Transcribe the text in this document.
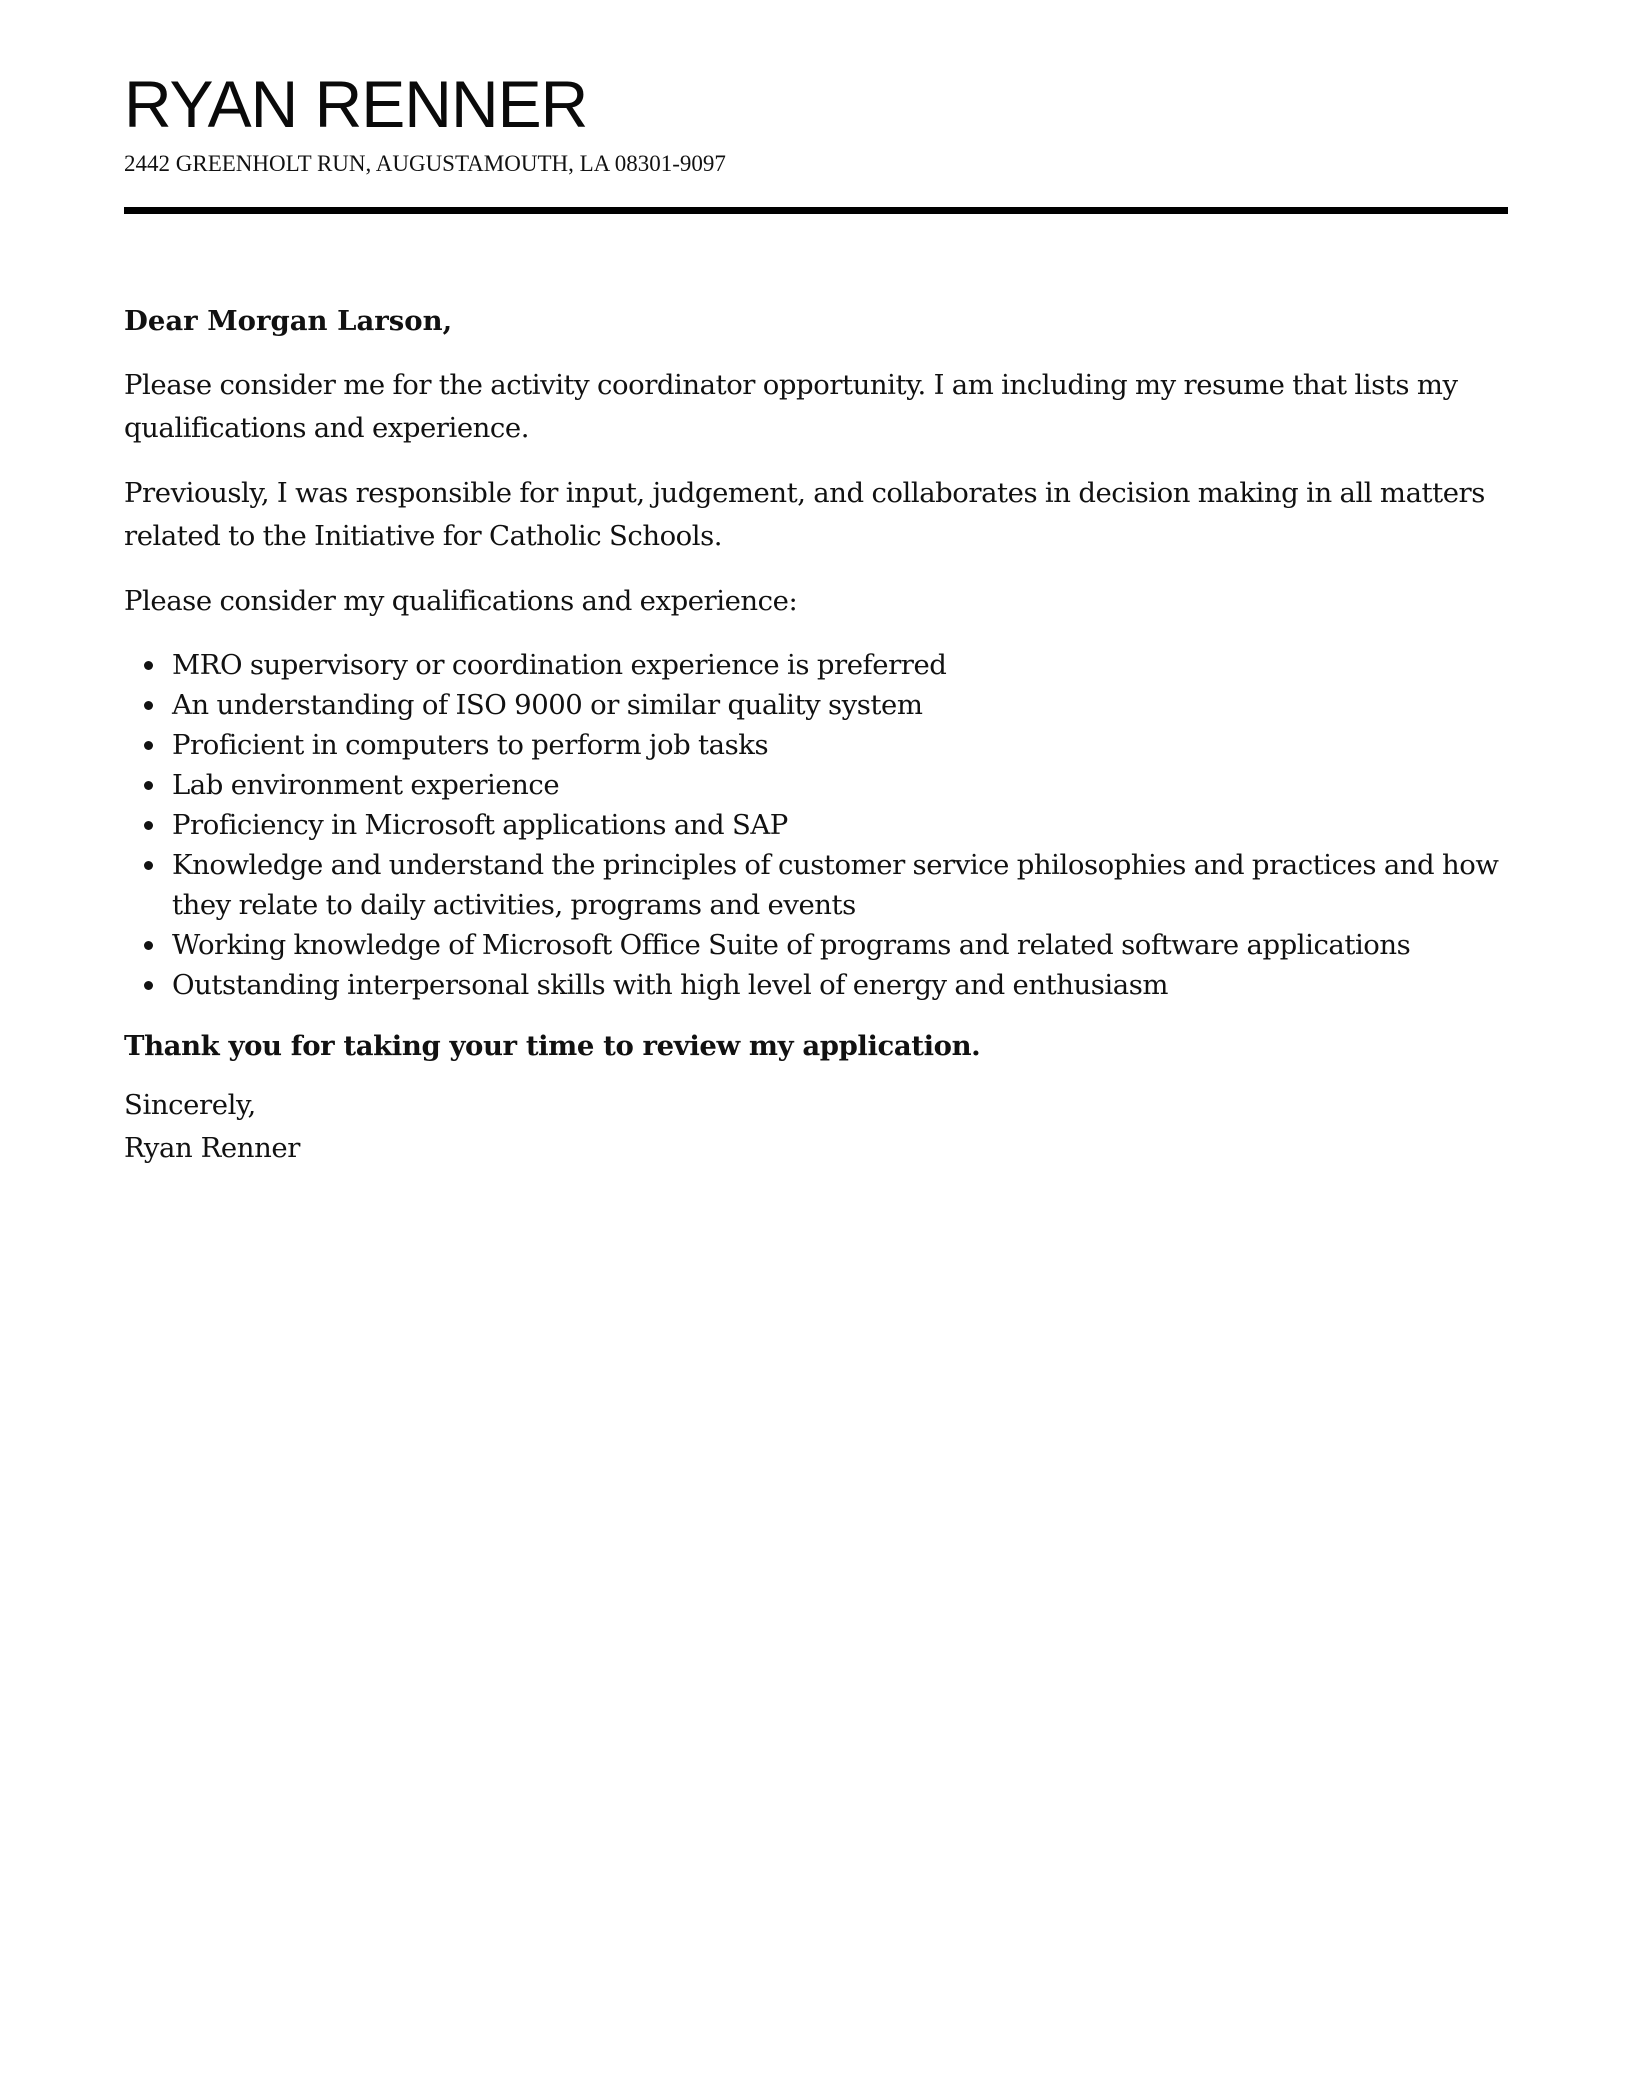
RYAN RENNER

2442 GREENHOLT RUN, AUGUSTAMOUTH, LA 08301-9097

Dear Morgan Larson,

Please consider me for the activity coordinator opportunity. I am including my resume that lists my qualifications and experience.

Previously, I was responsible for input, judgement, and collaborates in decision making in all matters related to the Initiative for Catholic Schools.

Please consider my qualifications and experience:

MRO supervisory or coordination experience is preferred
An understanding of ISO 9000 or similar quality system
Proficient in computers to perform job tasks
Lab environment experience
Proficiency in Microsoft applications and SAP
Knowledge and understand the principles of customer service philosophies and practices and how they relate to daily activities, programs and events
Working knowledge of Microsoft Office Suite of programs and related software applications
Outstanding interpersonal skills with high level of energy and enthusiasm

Thank you for taking your time to review my application.

Sincerely,
Ryan Renner
